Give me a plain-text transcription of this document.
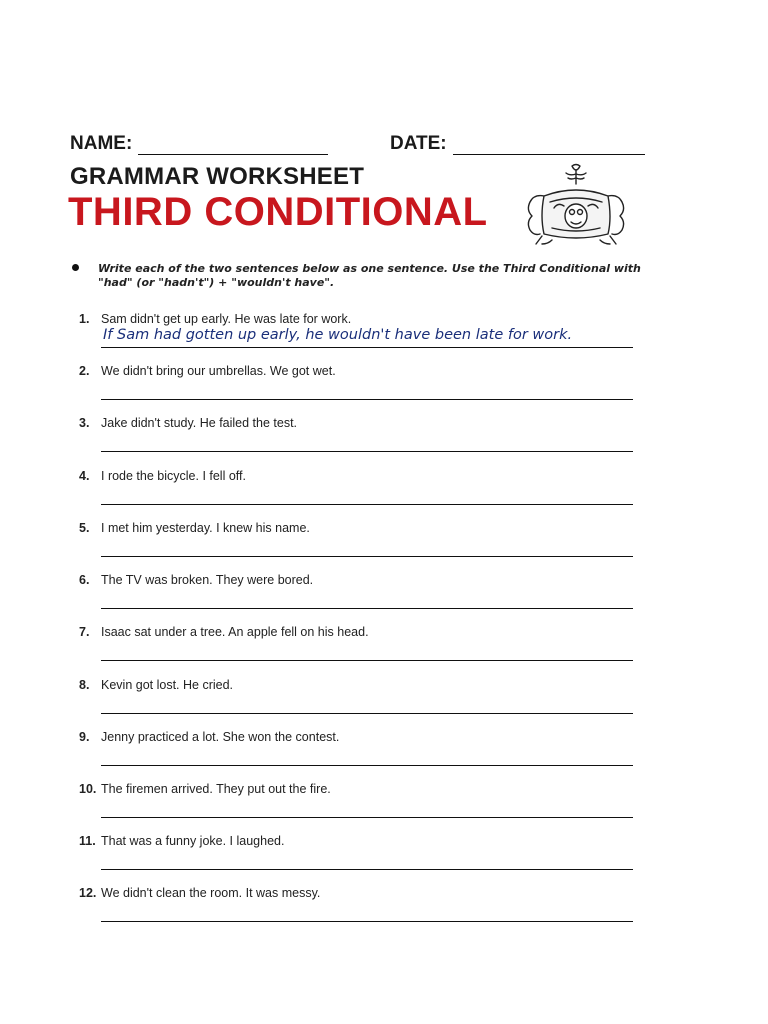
NAME:	DATE:
GRAMMAR WORKSHEET
THIRD CONDITIONAL
Write each of the two sentences below as one sentence. Use the Third Conditional with "had" (or "hadn't") + "wouldn't have".
1. Sam didn't get up early. He was late for work.
If Sam had gotten up early, he wouldn't have been late for work.
2. We didn't bring our umbrellas. We got wet.
3. Jake didn't study. He failed the test.
4. I rode the bicycle. I fell off.
5. I met him yesterday. I knew his name.
6. The TV was broken. They were bored.
7. Isaac sat under a tree. An apple fell on his head.
8. Kevin got lost. He cried.
9. Jenny practiced a lot. She won the contest.
10. The firemen arrived. They put out the fire.
11. That was a funny joke. I laughed.
12. We didn't clean the room. It was messy.
